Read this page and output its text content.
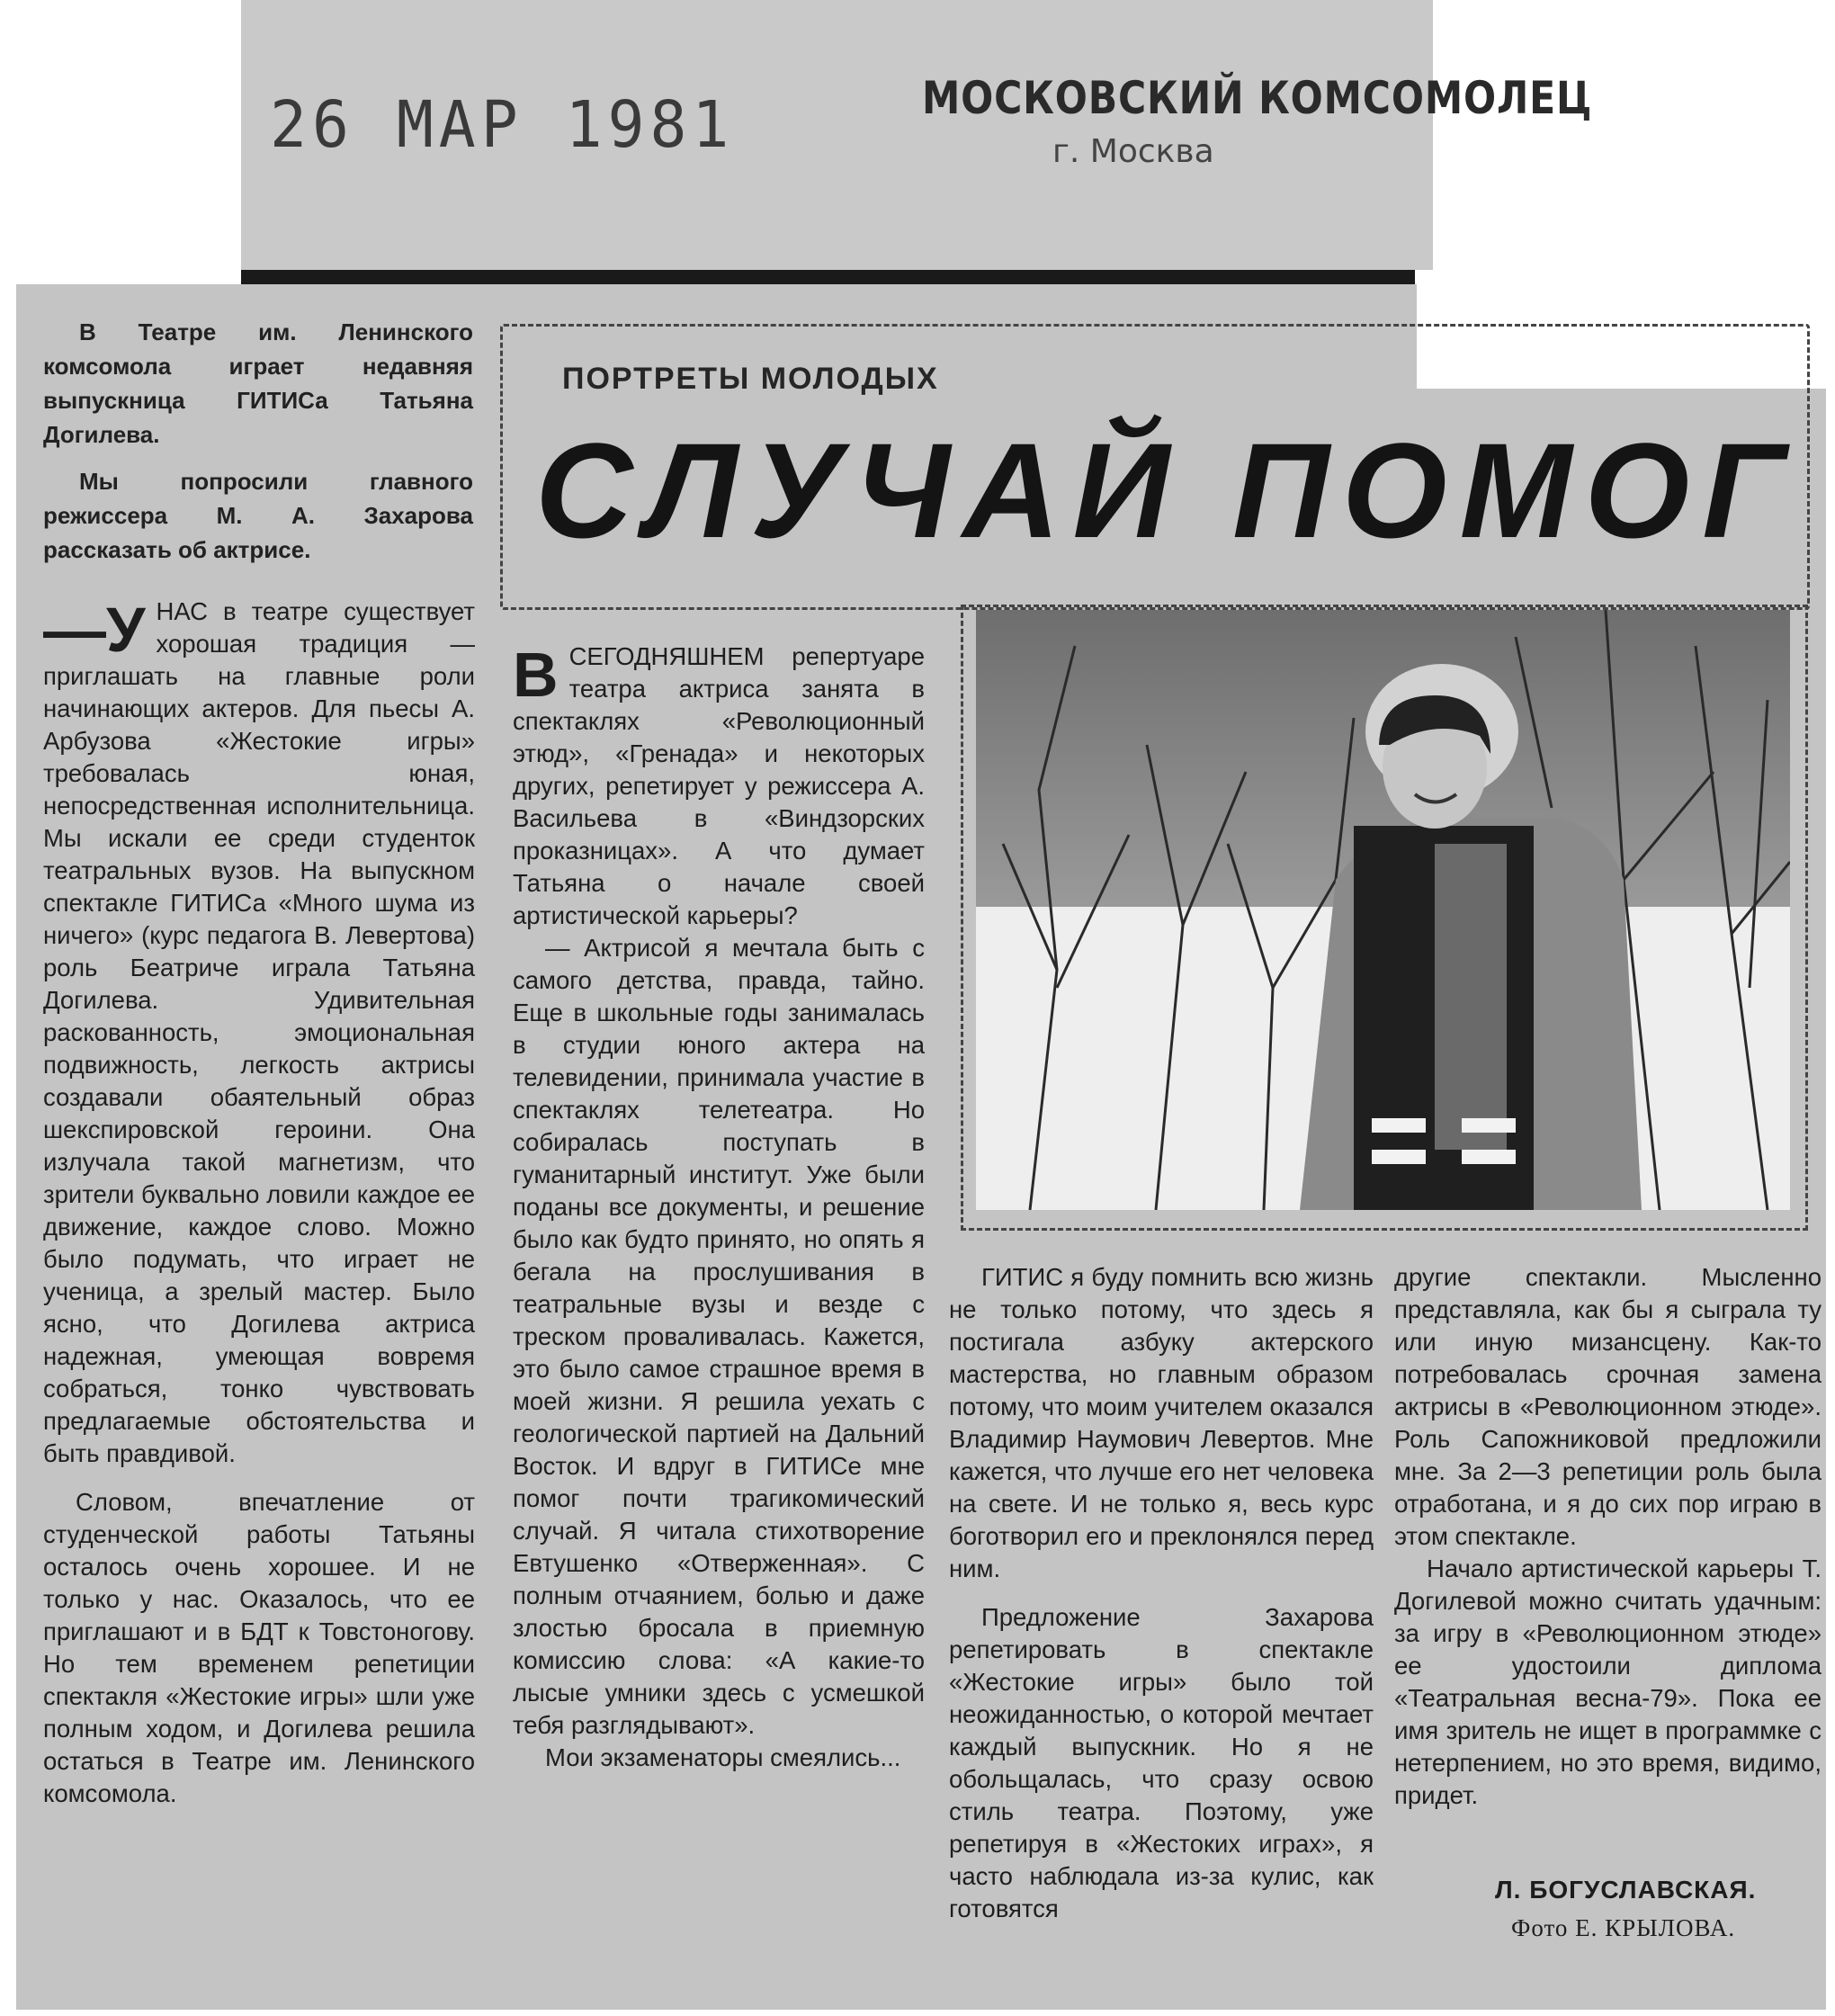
26 МАР 1981	МОСКОВСКИЙ КОМСОМОЛЕЦ
г. Москва

В Театре им. Ленинского комсомола играет недавняя выпускница ГИТИСа Татьяна Догилева.

Мы попросили главного режиссера М. А. Захарова рассказать об актрисе.

ПОРТРЕТЫ МОЛОДЫХ
СЛУЧАЙ ПОМОГ

—У НАС в театре существует хорошая традиция — приглашать на главные роли начинающих актеров. Для пьесы А. Арбузова «Жестокие игры» требовалась юная, непосредственная исполнительница. Мы искали ее среди студенток театральных вузов. На выпускном спектакле ГИТИСа «Много шума из ничего» (курс педагога В. Левертова) роль Беатриче играла Татьяна Догилева. Удивительная раскованность, эмоциональная подвижность, легкость актрисы создавали обаятельный образ шекспировской героини. Она излучала такой магнетизм, что зрители буквально ловили каждое ее движение, каждое слово. Можно было подумать, что играет не ученица, а зрелый мастер. Было ясно, что Догилева актриса надежная, умеющая вовремя собраться, тонко чувствовать предлагаемые обстоятельства и быть правдивой.

Словом, впечатление от студенческой работы Татьяны осталось очень хорошее. И не только у нас. Оказалось, что ее приглашают и в БДТ к Товстоногову. Но тем временем репетиции спектакля «Жестокие игры» шли уже полным ходом, и Догилева решила остаться в Театре им. Ленинского комсомола.

ВСЕГОДНЯШНЕМ репертуаре театра актриса занята в спектаклях «Революционный этюд», «Гренада» и некоторых других, репетирует у режиссера А. Васильева в «Виндзорских проказницах». А что думает Татьяна о начале своей артистической карьеры?

— Актрисой я мечтала быть с самого детства, правда, тайно. Еще в школьные годы занималась в студии юного актера на телевидении, принимала участие в спектаклях телетеатра. Но собиралась поступать в гуманитарный институт. Уже были поданы все документы, и решение было как будто принято, но опять я бегала на прослушивания в театральные вузы и везде с треском проваливалась. Кажется, это было самое страшное время в моей жизни. Я решила уехать с геологической партией на Дальний Восток. И вдруг в ГИТИСе мне помог почти трагикомический случай. Я читала стихотворение Евтушенко «Отверженная». С полным отчаянием, болью и даже злостью бросала в приемную комиссию слова: «А какие-то лысые умники здесь с усмешкой тебя разглядывают».

Мои экзаменаторы смеялись...

ГИТИС я буду помнить всю жизнь не только потому, что здесь я постигала азбуку актерского мастерства, но главным образом потому, что моим учителем оказался Владимир Наумович Левертов. Мне кажется, что лучше его нет человека на свете. И не только я, весь курс боготворил его и преклонялся перед ним.

Предложение Захарова репетировать в спектакле «Жестокие игры» было той неожиданностью, о которой мечтает каждый выпускник. Но я не обольщалась, что сразу освою стиль театра. Поэтому, уже репетируя в «Жестоких играх», я часто наблюдала из-за кулис, как готовятся

другие спектакли. Мысленно представляла, как бы я сыграла ту или иную мизансцену. Как-то потребовалась срочная замена актрисы в «Революционном этюде». Роль Сапожниковой предложили мне. За 2—3 репетиции роль была отработана, и я до сих пор играю в этом спектакле.

Начало артистической карьеры Т. Догилевой можно считать удачным: за игру в «Революционном этюде» ее удостоили диплома «Театральная весна-79». Пока ее имя зритель не ищет в программке с нетерпением, но это время, видимо, придет.

Л. БОГУСЛАВСКАЯ.
Фото Е. КРЫЛОВА.
